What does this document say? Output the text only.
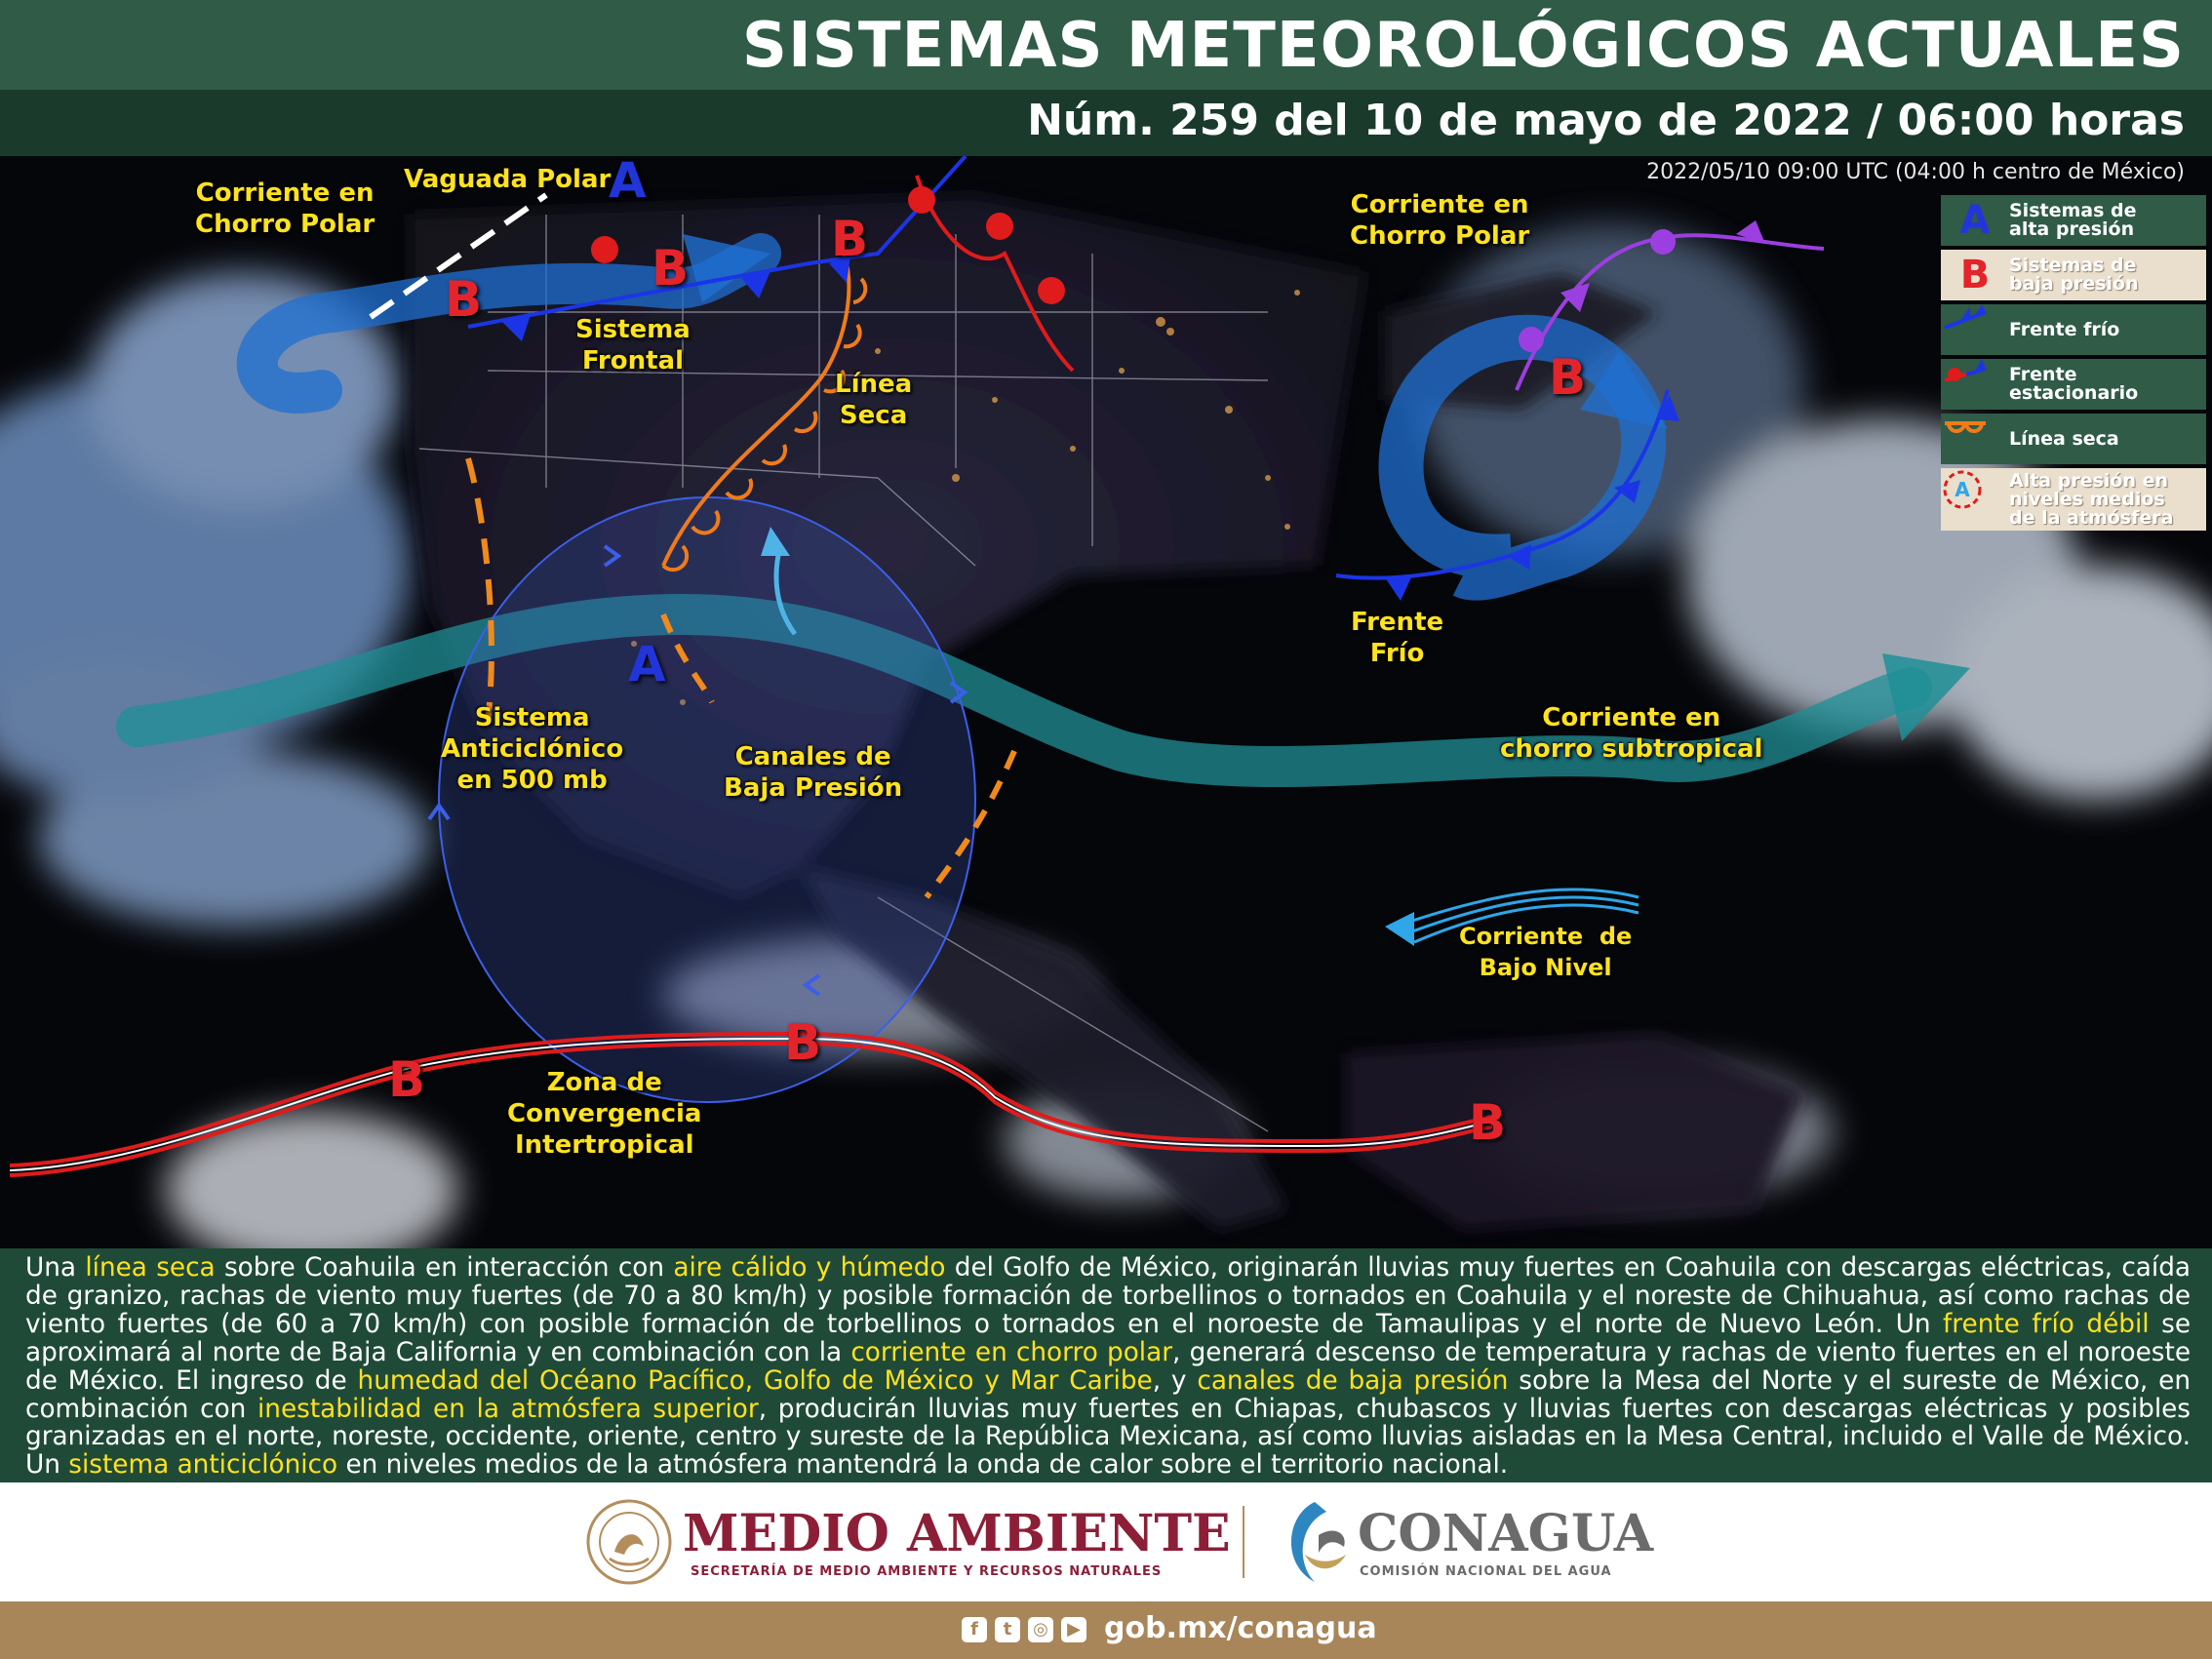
SISTEMAS METEOROLÓGICOS ACTUALES
Núm. 259 del 10 de mayo de 2022 / 06:00 horas
2022/05/10 09:00 UTC (04:00 h centro de México)
Corriente en
Chorro Polar
Vaguada Polar
Sistema
Frontal
Línea
Seca
Corriente en
Chorro Polar
Frente
Frío
Sistema
Anticiclónico
en 500 mb
Canales de
Baja Presión
Corriente en
chorro subtropical
Corriente  de
Bajo Nivel
Zona de
Convergencia
Intertropical
A
A
B
B
B
B
B
B
B
A Sistemas de
alta presión
B Sistemas de
baja presión
Frente frío
Frente
estacionario
Línea seca
A Alta presión en
niveles medios
de la atmósfera

Una línea seca sobre Coahuila en interacción con aire cálido y húmedo del Golfo de México, originarán lluvias muy fuertes en Coahuila con descargas eléctricas, caída de granizo, rachas de viento muy fuertes (de 70 a 80 km/h) y posible formación de torbellinos o tornados en Coahuila y el noreste de Chihuahua, así como rachas de viento fuertes (de 60 a 70 km/h) con posible formación de torbellinos o tornados en el noroeste de Tamaulipas y el norte de Nuevo León. Un frente frío débil se aproximará al norte de Baja California y en combinación con la corriente en chorro polar, generará descenso de temperatura y rachas de viento fuertes en el noroeste de México. El ingreso de humedad del Océano Pacífico, Golfo de México y Mar Caribe, y canales de baja presión sobre la Mesa del Norte y el sureste de México, en combinación con inestabilidad en la atmósfera superior, producirán lluvias muy fuertes en Chiapas, chubascos y lluvias fuertes con descargas eléctricas y posibles granizadas en el norte, noreste, occidente, oriente, centro y sureste de la República Mexicana, así como lluvias aisladas en la Mesa Central, incluido el Valle de México. Un sistema anticiclónico en niveles medios de la atmósfera mantendrá la onda de calor sobre el territorio nacional.

MEDIO AMBIENTE
SECRETARÍA DE MEDIO AMBIENTE Y RECURSOS NATURALES
CONAGUA
COMISIÓN NACIONAL DEL AGUA
f	t	◎	▶ gob.mx/conagua
